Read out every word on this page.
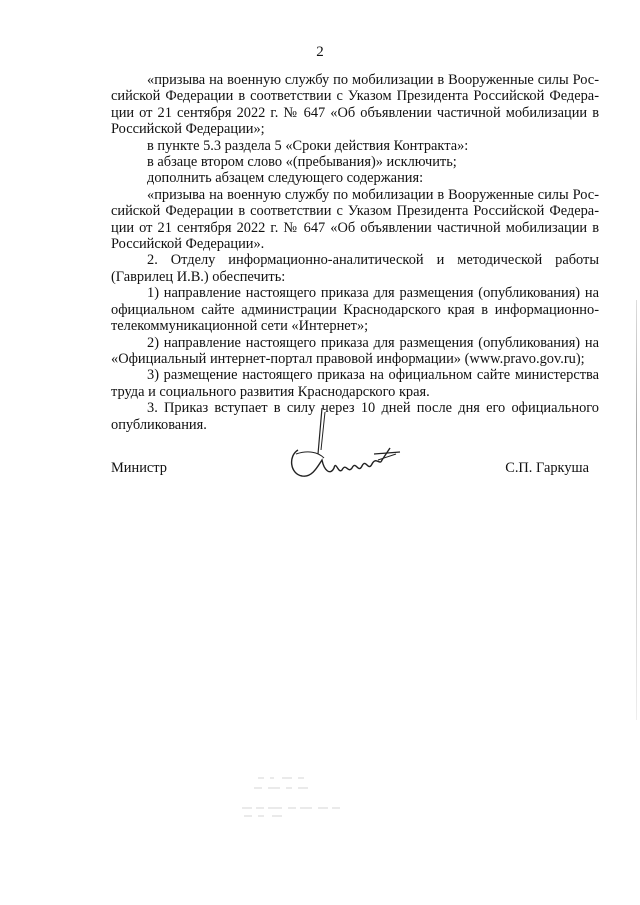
2

«призыва на военную службу по мобилизации в Вооруженные силы Российской Федерации в соответствии с Указом Президента Российской Федерации от 21 сентября 2022 г. № 647 «Об объявлении частичной мобилизации в Российской Федерации»;

в пункте 5.3 раздела 5 «Сроки действия Контракта»:

в абзаце втором слово «(пребывания)» исключить;

дополнить абзацем следующего содержания:

«призыва на военную службу по мобилизации в Вооруженные силы Российской Федерации в соответствии с Указом Президента Российской Федерации от 21 сентября 2022 г. № 647 «Об объявлении частичной мобилизации в Российской Федерации».

2. Отделу информационно-аналитической и методической работы (Гаврилец И.В.) обеспечить:

1) направление настоящего приказа для размещения (опубликования) на официальном сайте администрации Краснодарского края в информационно-телекоммуникационной сети «Интернет»;

2) направление настоящего приказа для размещения (опубликования) на «Официальный интернет-портал правовой информации» (www.pravo.gov.ru);

3) размещение настоящего приказа на официальном сайте министерства труда и социального развития Краснодарского края.

3. Приказ вступает в силу через 10 дней после дня его официального опубликования.

Министр	С.П. Гаркуша
